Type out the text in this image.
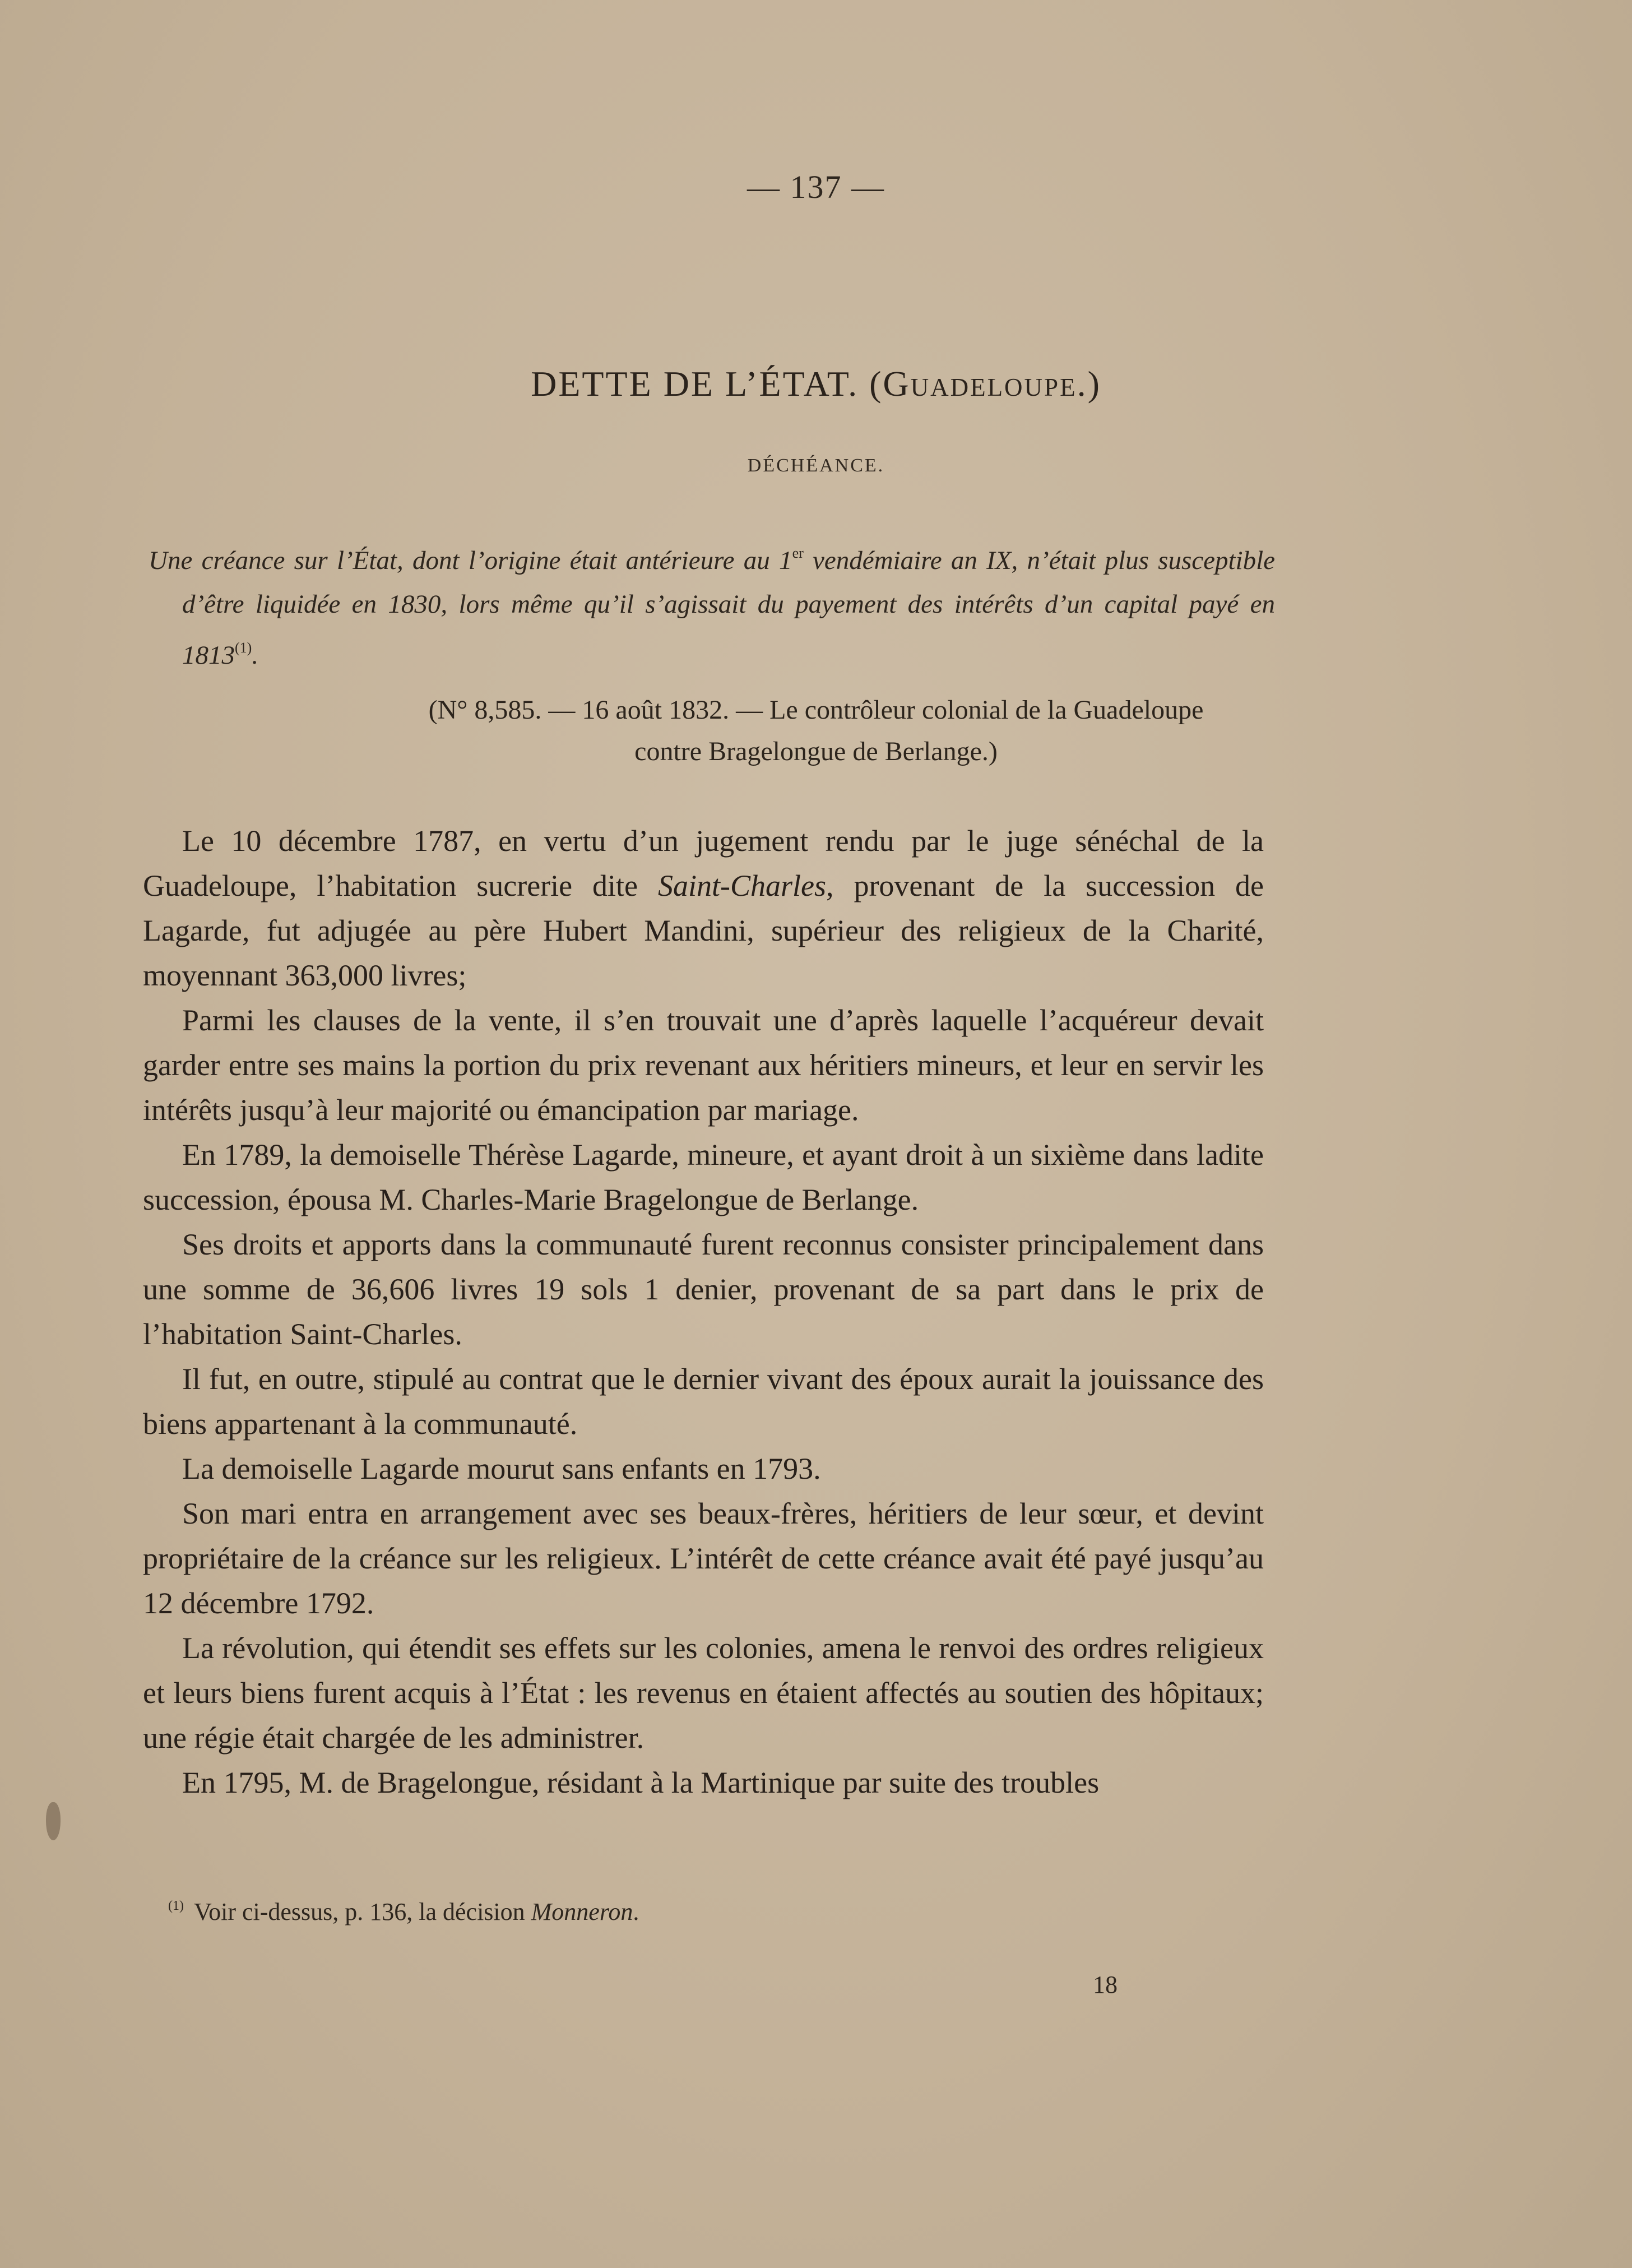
— 137 —
DETTE DE L’ÉTAT. (Guadeloupe.)
DÉCHÉANCE.

Une créance sur l’État, dont l’origine était antérieure au 1er vendémiaire an IX, n’était plus susceptible d’être liquidée en 1830, lors même qu’il s’agissait du payement des intérêts d’un capital payé en 1813$^{(1)}$.

(N° 8,585. — 16 août 1832. — Le contrôleur colonial de la Guadeloupe
contre Bragelongue de Berlange.)

Le 10 décembre 1787, en vertu d’un jugement rendu par le juge sénéchal de la Guadeloupe, l’habitation sucrerie dite Saint-Charles, provenant de la succession de Lagarde, fut adjugée au père Hubert Mandini, supérieur des religieux de la Charité, moyennant 363,000 livres;

Parmi les clauses de la vente, il s’en trouvait une d’après laquelle l’acquéreur devait garder entre ses mains la portion du prix revenant aux héritiers mineurs, et leur en servir les intérêts jusqu’à leur majorité ou émancipation par mariage.

En 1789, la demoiselle Thérèse Lagarde, mineure, et ayant droit à un sixième dans ladite succession, épousa M. Charles-Marie Bragelongue de Berlange.

Ses droits et apports dans la communauté furent reconnus consister principalement dans une somme de 36,606 livres 19 sols 1 denier, provenant de sa part dans le prix de l’habitation Saint-Charles.

Il fut, en outre, stipulé au contrat que le dernier vivant des époux aurait la jouissance des biens appartenant à la communauté.

La demoiselle Lagarde mourut sans enfants en 1793.

Son mari entra en arrangement avec ses beaux-frères, héritiers de leur sœur, et devint propriétaire de la créance sur les religieux. L’intérêt de cette créance avait été payé jusqu’au 12 décembre 1792.

La révolution, qui étendit ses effets sur les colonies, amena le renvoi des ordres religieux et leurs biens furent acquis à l’État : les revenus en étaient affectés au soutien des hôpitaux; une régie était chargée de les administrer.

En 1795, M. de Bragelongue, résidant à la Martinique par suite des troubles

$^{(1)}$ Voir ci-dessus, p. 136, la décision Monneron.
18
